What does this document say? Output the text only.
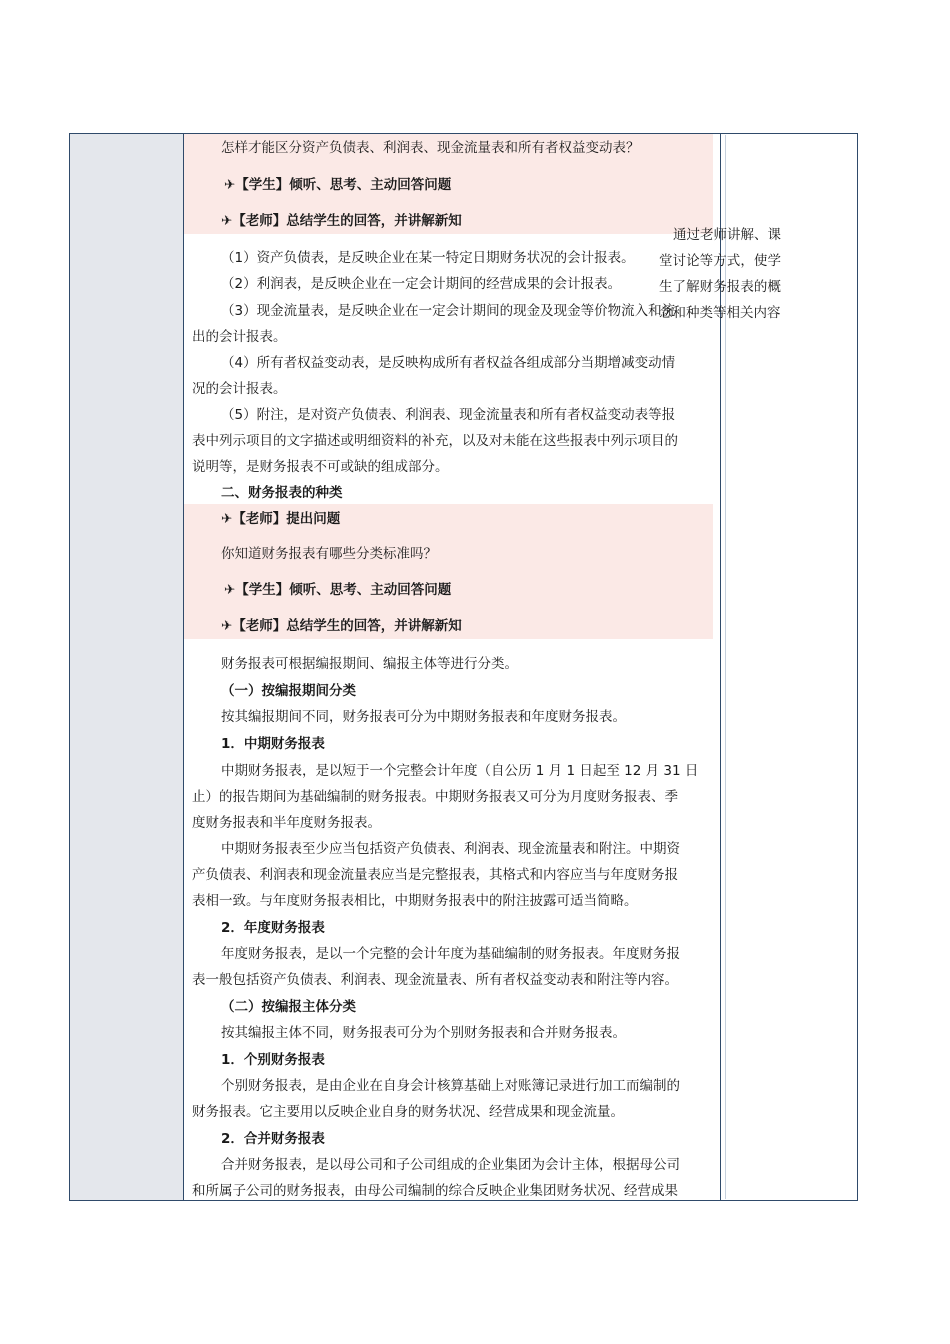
怎样才能区分资产负债表、利润表、现金流量表和所有者权益变动表？
✈【学生】倾听、思考、主动回答问题
✈【老师】总结学生的回答，并讲解新知
（1）资产负债表，是反映企业在某一特定日期财务状况的会计报表。
（2）利润表，是反映企业在一定会计期间的经营成果的会计报表。
（3）现金流量表，是反映企业在一定会计期间的现金及现金等价物流入和流
出的会计报表。
（4）所有者权益变动表，是反映构成所有者权益各组成部分当期增减变动情
况的会计报表。
（5）附注，是对资产负债表、利润表、现金流量表和所有者权益变动表等报
表中列示项目的文字描述或明细资料的补充，以及对未能在这些报表中列示项目的
说明等，是财务报表不可或缺的组成部分。
二、财务报表的种类
✈【老师】提出问题
你知道财务报表有哪些分类标准吗？
✈【学生】倾听、思考、主动回答问题
✈【老师】总结学生的回答，并讲解新知
财务报表可根据编报期间、编报主体等进行分类。
（一）按编报期间分类
按其编报期间不同，财务报表可分为中期财务报表和年度财务报表。
1．中期财务报表
中期财务报表，是以短于一个完整会计年度（自公历 1 月 1 日起至 12 月 31 日
止）的报告期间为基础编制的财务报表。中期财务报表又可分为月度财务报表、季
度财务报表和半年度财务报表。
中期财务报表至少应当包括资产负债表、利润表、现金流量表和附注。中期资
产负债表、利润表和现金流量表应当是完整报表，其格式和内容应当与年度财务报
表相一致。与年度财务报表相比，中期财务报表中的附注披露可适当简略。
2．年度财务报表
年度财务报表，是以一个完整的会计年度为基础编制的财务报表。年度财务报
表一般包括资产负债表、利润表、现金流量表、所有者权益变动表和附注等内容。
（二）按编报主体分类
按其编报主体不同，财务报表可分为个别财务报表和合并财务报表。
1．个别财务报表
个别财务报表，是由企业在自身会计核算基础上对账簿记录进行加工而编制的
财务报表。它主要用以反映企业自身的财务状况、经营成果和现金流量。
2．合并财务报表
合并财务报表，是以母公司和子公司组成的企业集团为会计主体，根据母公司
和所属子公司的财务报表，由母公司编制的综合反映企业集团财务状况、经营成果
通过老师讲解、课堂讨论等方式，使学生了解财务报表的概念和种类等相关内容
